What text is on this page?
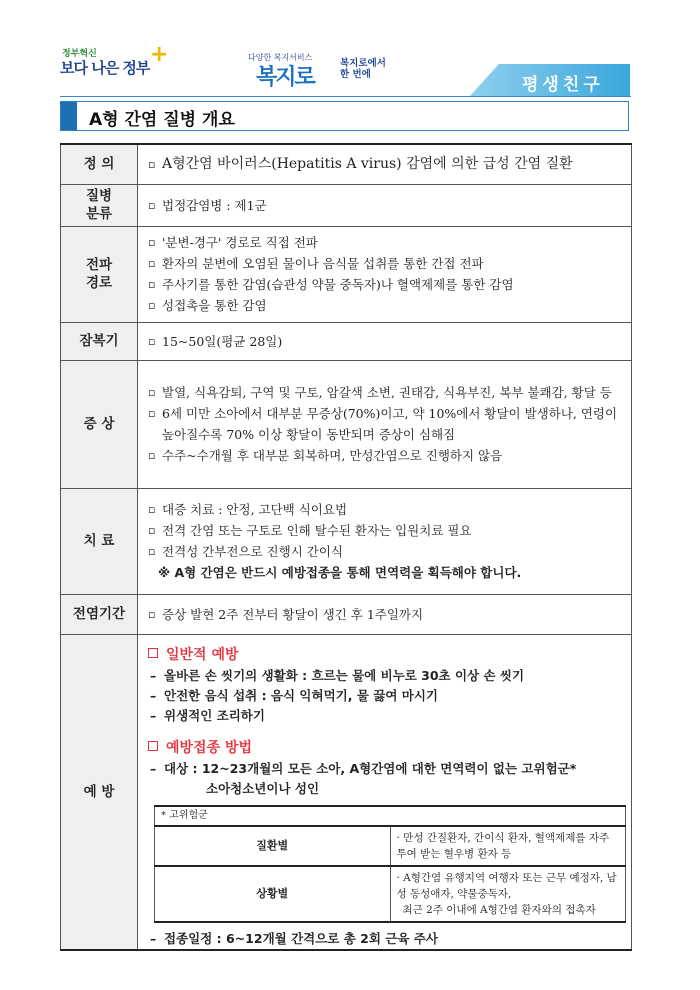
정부혁신
보다 나은 정부
+	다양한 복지서비스
복지로
복지로에서
한 번에
평생친구
A형 간염 질병 개요
정 의	
▫A형간염 바이러스(Hepatitis A virus) 감염에 의한 급성 간염 질환

질병
분류	
▫ 법정감염병 : 제1군

전파
경로	
▫ '분변-경구' 경로로 직접 전파
▫ 환자의 분변에 오염된 물이나 음식물 섭취를 통한 간접 전파
▫ 주사기를 통한 감염(습관성 약물 중독자)나 혈액제제를 통한 감염
▫ 성접촉을 통한 감염

잠복기	
▫15~50일(평균 28일)

증 상	
▫ 발열, 식욕감퇴, 구역 및 구토, 암갈색 소변, 권태감, 식욕부진, 복부 불쾌감, 황달 등
▫ 6세 미만 소아에서 대부분 무증상(70%)이고, 약 10%에서 황달이 발생하나, 연령이 높아질수록 70% 이상 황달이 동반되며 증상이 심해짐
▫ 수주~수개월 후 대부분 회복하며, 만성간염으로 진행하지 않음

치 료	
▫ 대증 치료 : 안정, 고단백 식이요법
▫ 전격 간염 또는 구토로 인해 탈수된 환자는 입원치료 필요
▫ 전격성 간부전으로 진행시 간이식
※ A형 간염은 반드시 예방접종을 통해 면역력을 획득해야 합니다.

전염기간	
▫증상 발현 2주 전부터 황달이 생긴 후 1주일까지

예 방	
일반적 예방
– 올바른 손 씻기의 생활화 : 흐르는 물에 비누로 30초 이상 손 씻기
– 안전한 음식 섭취 : 음식 익혀먹기, 물 끓여 마시기
– 위생적인 조리하기
예방접종 방법
– 대상 : 12~23개월의 모든 소아, A형간염에 대한 면역력이 없는 고위험군*
소아청소년이나 성인
* 고위험군
질환별	· 만성 간질환자, 간이식 환자, 혈액제제를 자주 투여 받는 혈우병 환자 등
상황별	
· A형간염 유행지역 여행자 또는 근무 예정자, 남성 동성애자, 약물중독자,
최근 2주 이내에 A형간염 환자와의 접촉자
– 접종일정 : 6~12개월 간격으로 총 2회 근육 주사
